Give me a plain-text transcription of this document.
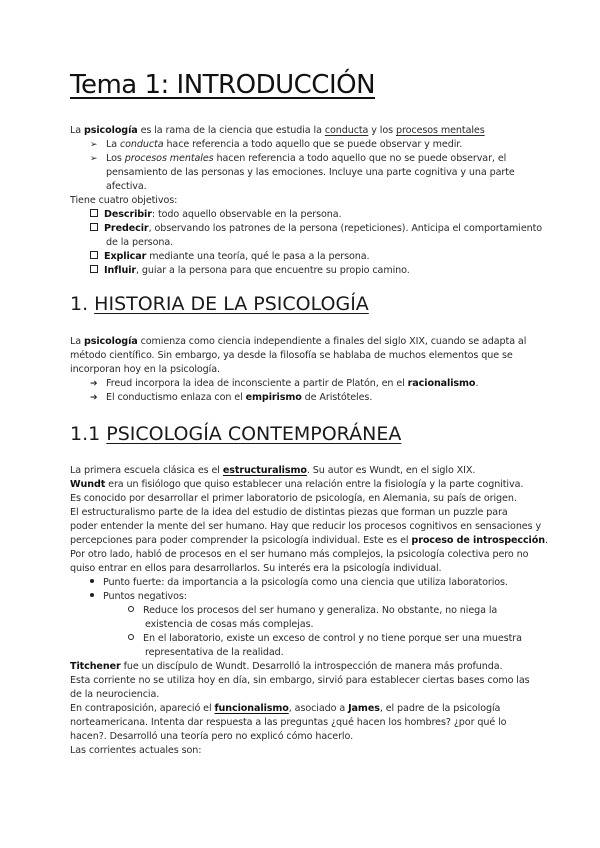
Tema 1: INTRODUCCIÓN
La psicología es la rama de la ciencia que estudia la conducta y los procesos mentales
➢ La conducta hace referencia a todo aquello que se puede observar y medir.
➢ Los procesos mentales hacen referencia a todo aquello que no se puede observar, el
pensamiento de las personas y las emociones. Incluye una parte cognitiva y una parte
afectiva.
Tiene cuatro objetivos:
Describir: todo aquello observable en la persona.
Predecir, observando los patrones de la persona (repeticiones). Anticipa el comportamiento
de la persona.
Explicar mediante una teoría, qué le pasa a la persona.
Influir, guiar a la persona para que encuentre su propio camino.
1. HISTORIA DE LA PSICOLOGÍA
La psicología comienza como ciencia independiente a finales del siglo XIX, cuando se adapta al
método científico. Sin embargo, ya desde la filosofía se hablaba de muchos elementos que se
incorporan hoy en la psicología.
➔ Freud incorpora la idea de inconsciente a partir de Platón, en el racionalismo.
➔ El conductismo enlaza con el empirismo de Aristóteles.
1.1 PSICOLOGÍA CONTEMPORÁNEA
La primera escuela clásica es el estructuralismo. Su autor es Wundt, en el siglo XIX.
Wundt era un fisiólogo que quiso establecer una relación entre la fisiología y la parte cognitiva.
Es conocido por desarrollar el primer laboratorio de psicología, en Alemania, su país de origen.
El estructuralismo parte de la idea del estudio de distintas piezas que forman un puzzle para
poder entender la mente del ser humano. Hay que reducir los procesos cognitivos en sensaciones y
percepciones para poder comprender la psicología individual. Este es el proceso de introspección.
Por otro lado, habló de procesos en el ser humano más complejos, la psicología colectiva pero no
quiso entrar en ellos para desarrollarlos. Su interés era la psicología individual.
Punto fuerte: da importancia a la psicología como una ciencia que utiliza laboratorios.
Puntos negativos:
Reduce los procesos del ser humano y generaliza. No obstante, no niega la
existencia de cosas más complejas.
En el laboratorio, existe un exceso de control y no tiene porque ser una muestra
representativa de la realidad.
Titchener fue un discípulo de Wundt. Desarrolló la introspección de manera más profunda.
Esta corriente no se utiliza hoy en día, sin embargo, sirvió para establecer ciertas bases como las
de la neurociencia.
En contraposición, apareció el funcionalismo, asociado a James, el padre de la psicología
norteamericana. Intenta dar respuesta a las preguntas ¿qué hacen los hombres? ¿por qué lo
hacen?. Desarrolló una teoría pero no explicó cómo hacerlo.
Las corrientes actuales son:
